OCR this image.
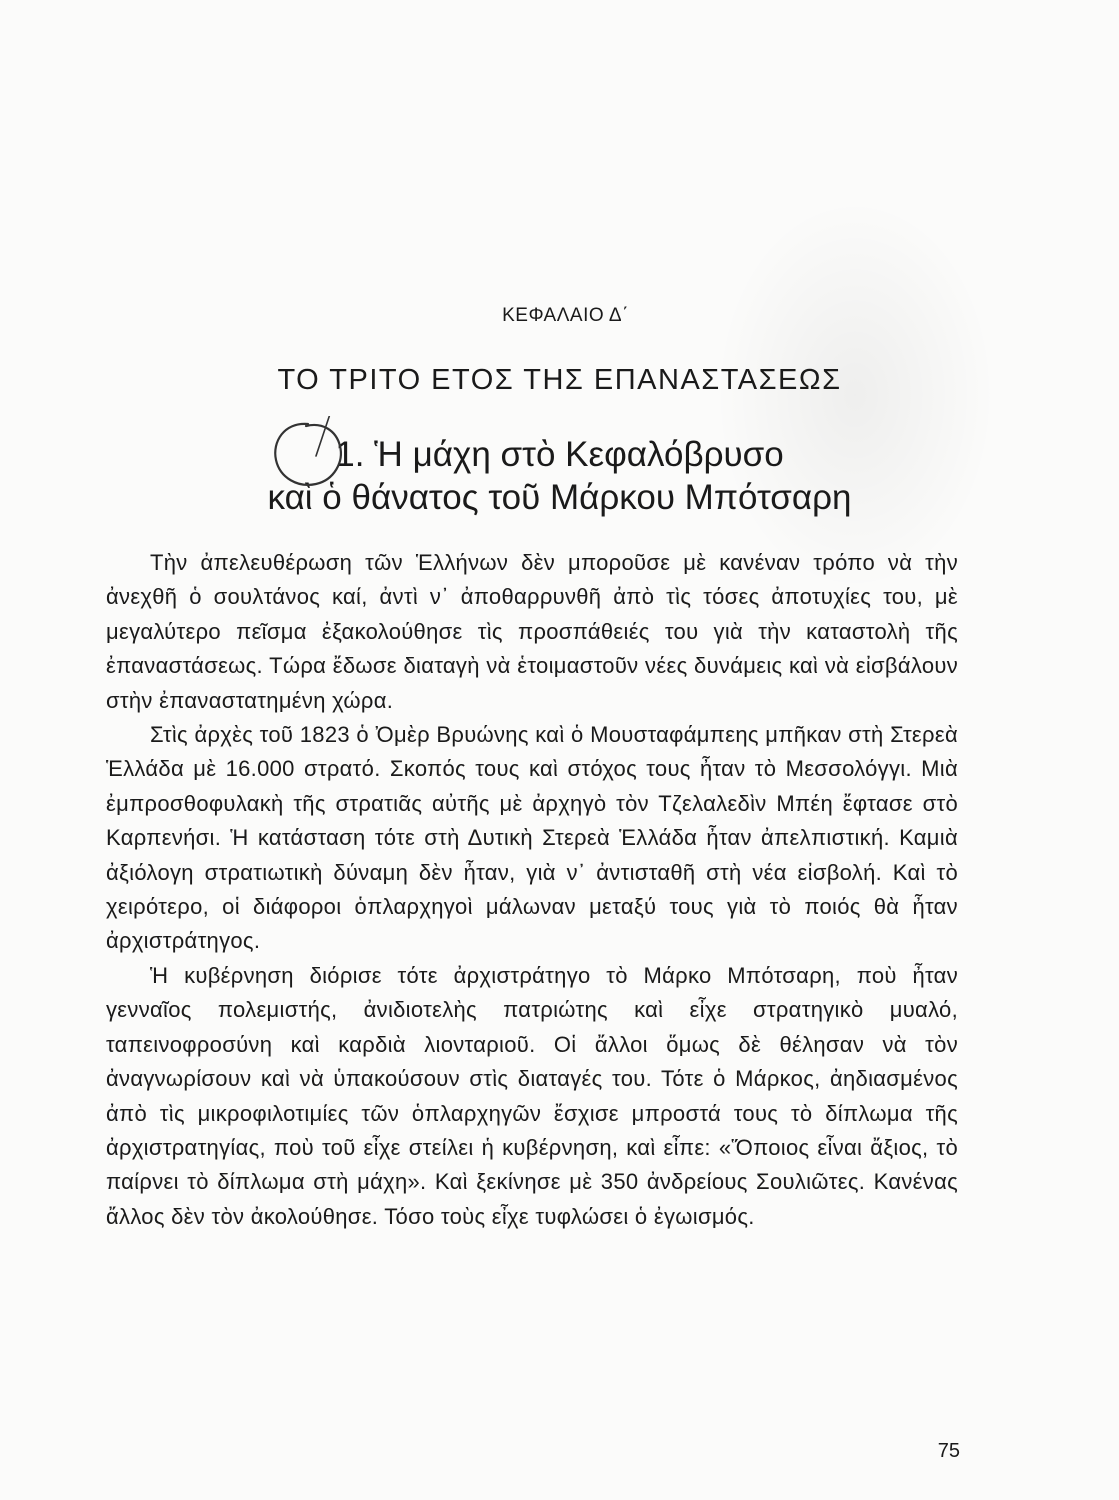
ΚΕΦΑΛΑΙΟ Δ΄
ΤΟ ΤΡΙΤΟ ΕΤΟΣ ΤΗΣ ΕΠΑΝΑΣΤΑΣΕΩΣ
1. Ἡ μάχη στὸ Κεφαλόβρυσο
καὶ ὁ θάνατος τοῦ Μάρκου Μπότσαρη

Τὴν ἀπελευθέρωση τῶν Ἑλλήνων δὲν μποροῦσε μὲ κανέναν τρόπο νὰ τὴν ἀνεχθῆ ὁ σουλτάνος καί, ἀντὶ ν᾿ ἀποθαρρυνθῆ ἀπὸ τὶς τόσες ἀποτυχίες του, μὲ μεγαλύτερο πεῖσμα ἐξακολούθησε τὶς προσπάθειές του γιὰ τὴν καταστολὴ τῆς ἐπαναστάσεως. Τώρα ἔδωσε διαταγὴ νὰ ἑτοιμαστοῦν νέες δυνάμεις καὶ νὰ εἰσβάλουν στὴν ἐπαναστατημένη χώρα.

Στὶς ἀρχὲς τοῦ 1823 ὁ Ὀμὲρ Βρυώνης καὶ ὁ Μουσταφάμπεης μπῆκαν στὴ Στερεὰ Ἑλλάδα μὲ 16.000 στρατό. Σκοπός τους καὶ στόχος τους ἦταν τὸ Μεσσολόγγι. Μιὰ ἐμπροσθοφυλακὴ τῆς στρατιᾶς αὐτῆς μὲ ἀρχηγὸ τὸν Τζελαλεδὶν Μπέη ἔφτασε στὸ Καρπενήσι. Ἡ κατάσταση τότε στὴ Δυτικὴ Στερεὰ Ἑλλάδα ἦταν ἀπελπιστική. Καμιὰ ἀξιόλογη στρατιωτικὴ δύναμη δὲν ἦταν, γιὰ ν᾿ ἀντισταθῆ στὴ νέα εἰσβολή. Καὶ τὸ χειρότερο, οἱ διάφοροι ὁπλαρχηγοὶ μάλωναν μεταξύ τους γιὰ τὸ ποιός θὰ ἦταν ἀρχιστράτηγος.

Ἡ κυβέρνηση διόρισε τότε ἀρχιστράτηγο τὸ Μάρκο Μπότσαρη, ποὺ ἦταν γενναῖος πολεμιστής, ἀνιδιοτελὴς πατριώτης καὶ εἶχε στρατηγικὸ μυαλό, ταπεινοφροσύνη καὶ καρδιὰ λιονταριοῦ. Οἱ ἄλλοι ὅμως δὲ θέλησαν νὰ τὸν ἀναγνωρίσουν καὶ νὰ ὑπακούσουν στὶς διαταγές του. Τότε ὁ Μάρκος, ἀηδιασμένος ἀπὸ τὶς μικροφιλοτιμίες τῶν ὁπλαρχηγῶν ἔσχισε μπροστά τους τὸ δίπλωμα τῆς ἀρχιστρατηγίας, ποὺ τοῦ εἶχε στείλει ἡ κυβέρνηση, καὶ εἶπε: «Ὅποιος εἶναι ἄξιος, τὸ παίρνει τὸ δίπλωμα στὴ μάχη». Καὶ ξεκίνησε μὲ 350 ἀνδρείους Σουλιῶτες. Κανένας ἄλλος δὲν τὸν ἀκολούθησε. Τόσο τοὺς εἶχε τυφλώσει ὁ ἐγωισμός.

75
